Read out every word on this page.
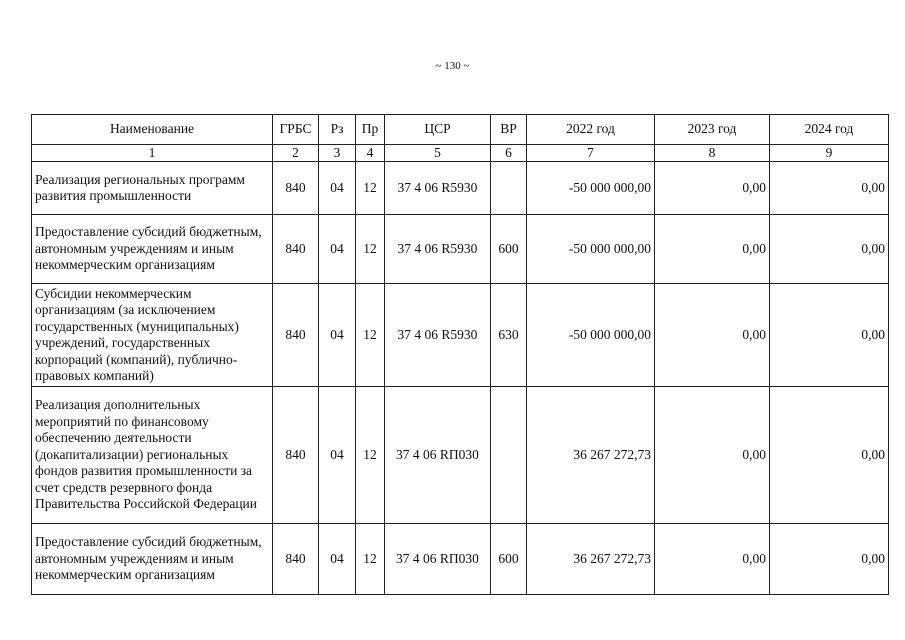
~ 130 ~
Наименование	ГРБС	Рз	Пр	ЦСР	ВР	2022 год	2023 год	2024 год
1	2	3	4	5	6	7	8	9
Реализация региональных программ развития промышленности	840	04	12	37 4 06 R5930		-50 000 000,00	0,00	0,00
Предоставление субсидий бюджетным, автономным учреждениям и иным некоммерческим организациям	840	04	12	37 4 06 R5930	600	-50 000 000,00	0,00	0,00
Субсидии некоммерческим организациям (за исключением государственных (муниципальных) учреждений, государственных корпораций (компаний), публично-правовых компаний)	840	04	12	37 4 06 R5930	630	-50 000 000,00	0,00	0,00
Реализация дополнительных мероприятий по финансовому обеспечению деятельности (докапитализации) региональных фондов развития промышленности за счет средств резервного фонда Правительства Российской Федерации	840	04	12	37 4 06 RП030		36 267 272,73	0,00	0,00
Предоставление субсидий бюджетным, автономным учреждениям и иным некоммерческим организациям	840	04	12	37 4 06 RП030	600	36 267 272,73	0,00	0,00
